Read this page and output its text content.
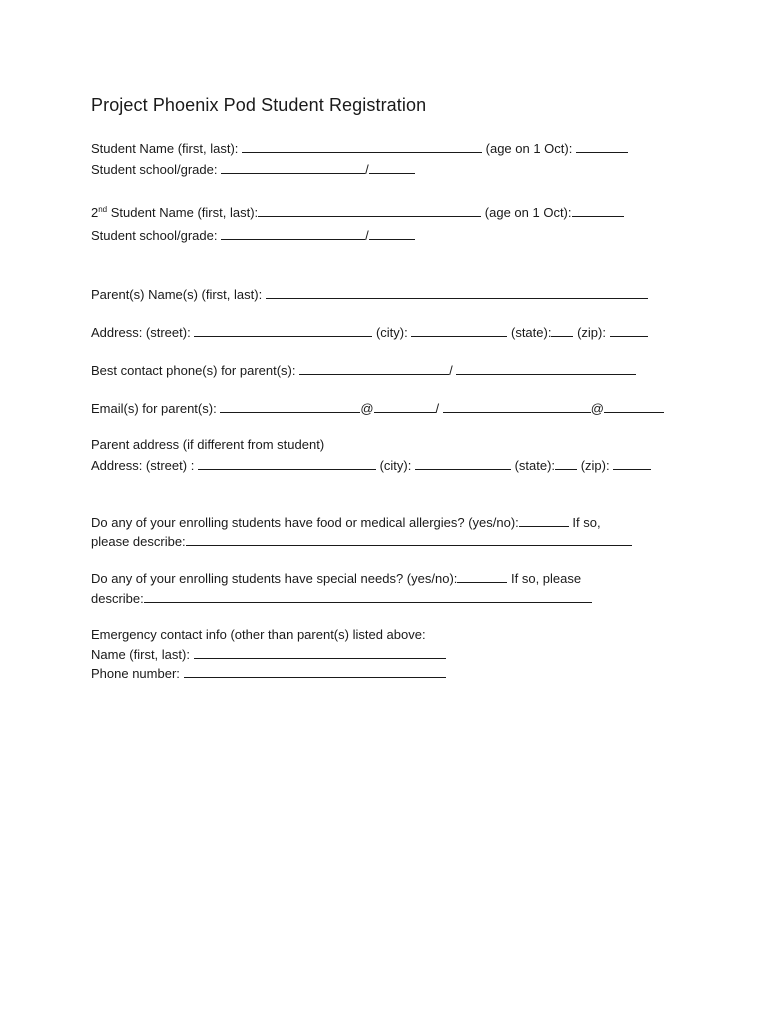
Project Phoenix Pod Student Registration
Student Name (first, last):	(age on 1 Oct):
Student school/grade:	/
2nd Student Name (first, last):	(age on 1 Oct):
Student school/grade:	/
Parent(s) Name(s) (first, last):
Address: (street):	(city):	(state): (zip):
Best contact phone(s) for parent(s):	/
Email(s) for parent(s):	@	/	@
Parent address (if different from student)
Address: (street) :	(city):	(state): (zip):
Do any of your enrolling students have food or medical allergies? (yes/no):	If so,
please describe:
Do any of your enrolling students have special needs? (yes/no):	If so, please
describe:
Emergency contact info (other than parent(s) listed above:
Name (first, last):
Phone number:
